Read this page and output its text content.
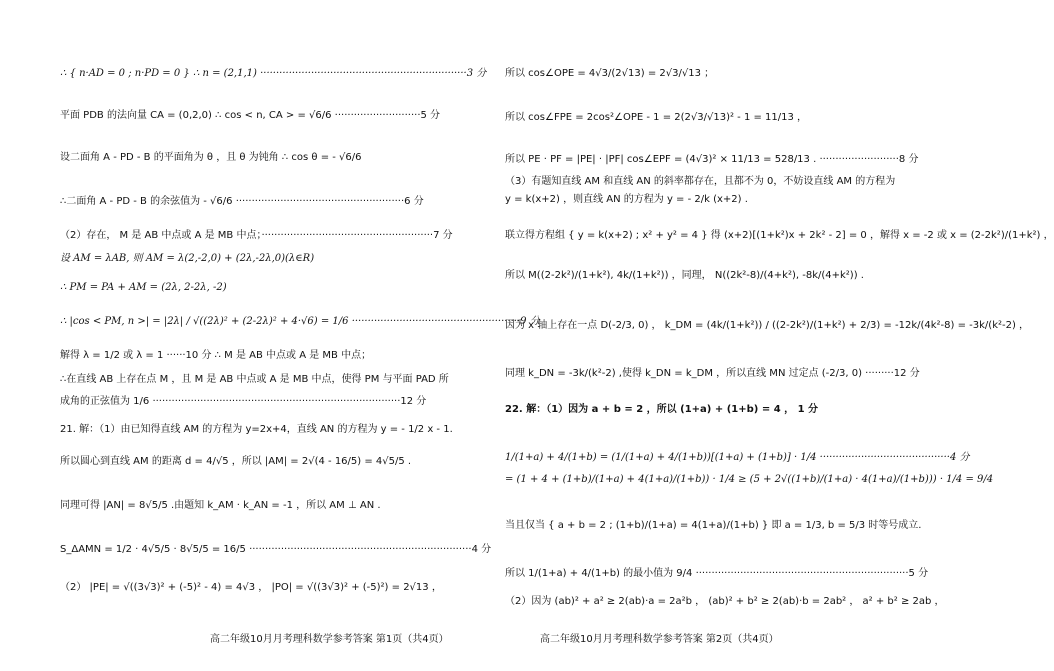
∴ { n·AD = 0 ; n·PD = 0 } ∴ n = (2,1,1) ·································································3 分
平面 PDB 的法向量 CA = (0,2,0) ∴ cos < n, CA > = √6/6 ···························5 分
设二面角 A - PD - B 的平面角为 θ ，且 θ 为钝角 ∴ cos θ = - √6/6
∴二面角 A - PD - B 的余弦值为 - √6/6 ·····················································6 分
（2）存在， M 是 AB 中点或 A 是 MB 中点；······················································7 分
设 AM = λAB, 则 AM = λ(2,-2,0) + (2λ,-2λ,0)(λ∈R)
∴ PM = PA + AM = (2λ, 2-2λ, -2)
∴ |cos < PM, n >| = |2λ| / √((2λ)² + (2-2λ)² + 4·√6) = 1/6 ·····················································9 分
解得 λ = 1/2 或 λ = 1 ······10 分 ∴ M 是 AB 中点或 A 是 MB 中点；
∴在直线 AB 上存在点 M ，且 M 是 AB 中点或 A 是 MB 中点，使得 PM 与平面 PAD 所
成角的正弦值为 1/6 ··············································································12 分
21. 解：（1）由已知得直线 AM 的方程为 y=2x+4，直线 AN 的方程为 y = - 1/2 x - 1.
所以圆心到直线 AM 的距离 d = 4/√5 ，所以 |AM| = 2√(4 - 16/5) = 4√5/5 .
同理可得 |AN| = 8√5/5 .由题知 k_AM · k_AN = -1 ，所以 AM ⊥ AN .
S_ΔAMN = 1/2 · 4√5/5 · 8√5/5 = 16/5 ······································································4 分
（2） |PE| = √((3√3)² + (-5)² - 4) = 4√3 ， |PO| = √((3√3)² + (-5)²) = 2√13 ，
所以 cos∠OPE = 4√3/(2√13) = 2√3/√13 ；
所以 cos∠FPE = 2cos²∠OPE - 1 = 2(2√3/√13)² - 1 = 11/13 ，
所以 PE · PF = |PE| · |PF| cos∠EPF = (4√3)² × 11/13 = 528/13 . ·························8 分
（3）有题知直线 AM 和直线 AN 的斜率都存在，且都不为 0，不妨设直线 AM 的方程为
y = k(x+2) ，则直线 AN 的方程为 y = - 2/k (x+2) .
联立得方程组 { y = k(x+2) ; x² + y² = 4 } 得 (x+2)[(1+k²)x + 2k² - 2] = 0 ，解得 x = -2 或 x = (2-2k²)/(1+k²) ，
所以 M((2-2k²)/(1+k²), 4k/(1+k²)) ，同理， N((2k²-8)/(4+k²), -8k/(4+k²)) .
因为 x 轴上存在一点 D(-2/3, 0) ， k_DM = (4k/(1+k²)) / ((2-2k²)/(1+k²) + 2/3) = -12k/(4k²-8) = -3k/(k²-2) ，
同理 k_DN = -3k/(k²-2) ,使得 k_DN = k_DM ，所以直线 MN 过定点 (-2/3, 0) ·········12 分
22. 解：（1）因为 a + b = 2 ，所以 (1+a) + (1+b) = 4 ， 1 分
1/(1+a) + 4/(1+b) = (1/(1+a) + 4/(1+b))[(1+a) + (1+b)] · 1/4 ·········································4 分
= (1 + 4 + (1+b)/(1+a) + 4(1+a)/(1+b)) · 1/4 ≥ (5 + 2√((1+b)/(1+a) · 4(1+a)/(1+b))) · 1/4 = 9/4
当且仅当 { a + b = 2 ; (1+b)/(1+a) = 4(1+a)/(1+b) } 即 a = 1/3, b = 5/3 时等号成立.
所以 1/(1+a) + 4/(1+b) 的最小值为 9/4 ···································································5 分
（2）因为 (ab)² + a² ≥ 2(ab)·a = 2a²b ， (ab)² + b² ≥ 2(ab)·b = 2ab² ， a² + b² ≥ 2ab ，
高二年级10月月考理科数学参考答案 第1页（共4页）	高二年级10月月考理科数学参考答案 第2页（共4页）
